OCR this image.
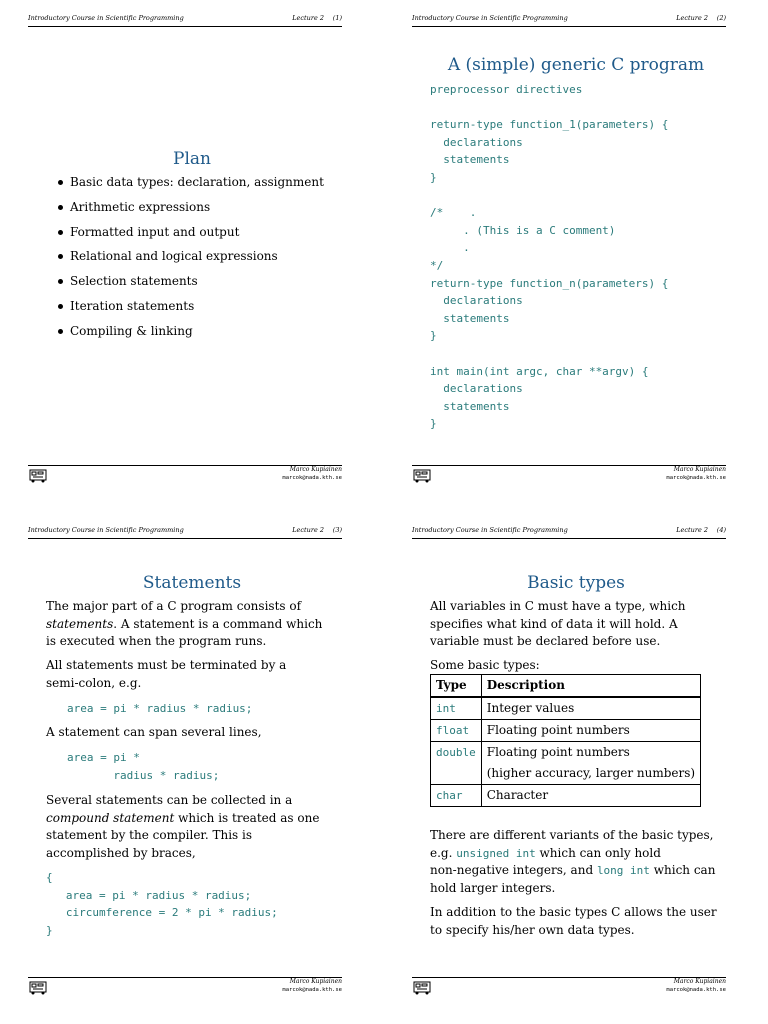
Introductory Course in Scientific Programming	Lecture 2 (1)
Plan
Basic data types: declaration, assignment
Arithmetic expressions
Formatted input and output
Relational and logical expressions
Selection statements
Iteration statements
Compiling & linking
Marco Kupiainen
marcok@nada.kth.se
Introductory Course in Scientific Programming	Lecture 2 (2)
A (simple) generic C program
preprocessor directives

return-type function_1(parameters) {
declarations
statements
}

/*    .
. (This is a C comment)
.
*/
return-type function_n(parameters) {
declarations
statements
}

int main(int argc, char **argv) {
declarations
statements
}
Marco Kupiainen
marcok@nada.kth.se
Introductory Course in Scientific Programming	Lecture 2 (3)
Statements
The major part of a C program consists of
statements. A statement is a command which
is executed when the program runs.
All statements must be terminated by a
semi-colon, e.g.
area = pi * radius * radius;
A statement can span several lines,
area = pi *
radius * radius;
Several statements can be collected in a
compound statement which is treated as one
statement by the compiler. This is
accomplished by braces,
{
area = pi * radius * radius;
circumference = 2 * pi * radius;
}
Marco Kupiainen
marcok@nada.kth.se
Introductory Course in Scientific Programming	Lecture 2 (4)
Basic types
All variables in C must have a type, which
specifies what kind of data it will hold. A
variable must be declared before use.
Some basic types:
Type	Description
int	Integer values
float	Floating point numbers
double	Floating point numbers
(higher accuracy, larger numbers)

char	Character
There are different variants of the basic types,
e.g. unsigned int which can only hold
non-negative integers, and long int which can
hold larger integers.
In addition to the basic types C allows the user
to specify his/her own data types.
Marco Kupiainen
marcok@nada.kth.se
